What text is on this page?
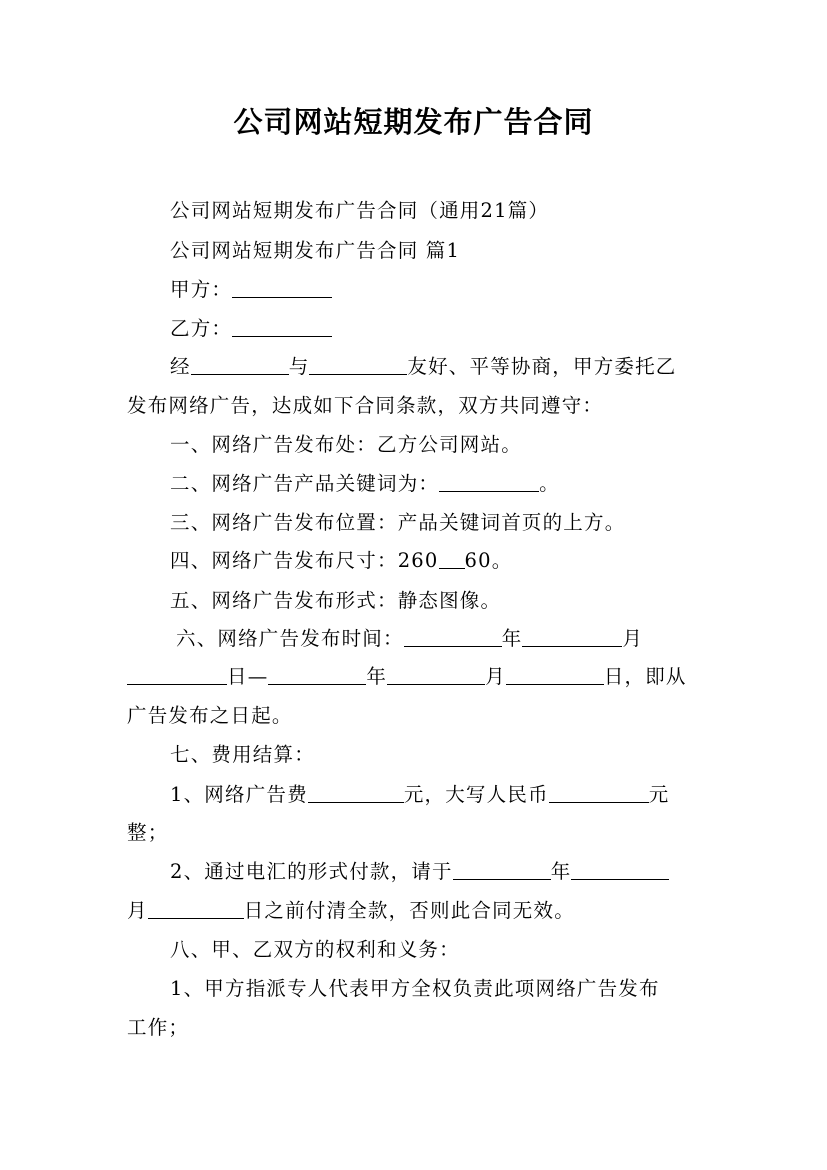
公司网站短期发布广告合同
公司网站短期发布广告合同（通用21篇）
公司网站短期发布广告合同 篇1
甲方：
乙方：
经	与	友好、平等协商，甲方委托乙
发布网络广告，达成如下合同条款，双方共同遵守：
一、网络广告发布处：乙方公司网站。
二、网络广告产品关键词为：	。
三、网络广告发布位置：产品关键词首页的上方。
四、网络广告发布尺寸：260 60。
五、网络广告发布形式：静态图像。
六、网络广告发布时间：	年	月
日—	年	月	日，即从
广告发布之日起。
七、费用结算：
1、网络广告费	元，大写人民币	元
整；
2、通过电汇的形式付款，请于	年
月	日之前付清全款，否则此合同无效。
八、甲、乙双方的权利和义务：
1、甲方指派专人代表甲方全权负责此项网络广告发布
工作；
